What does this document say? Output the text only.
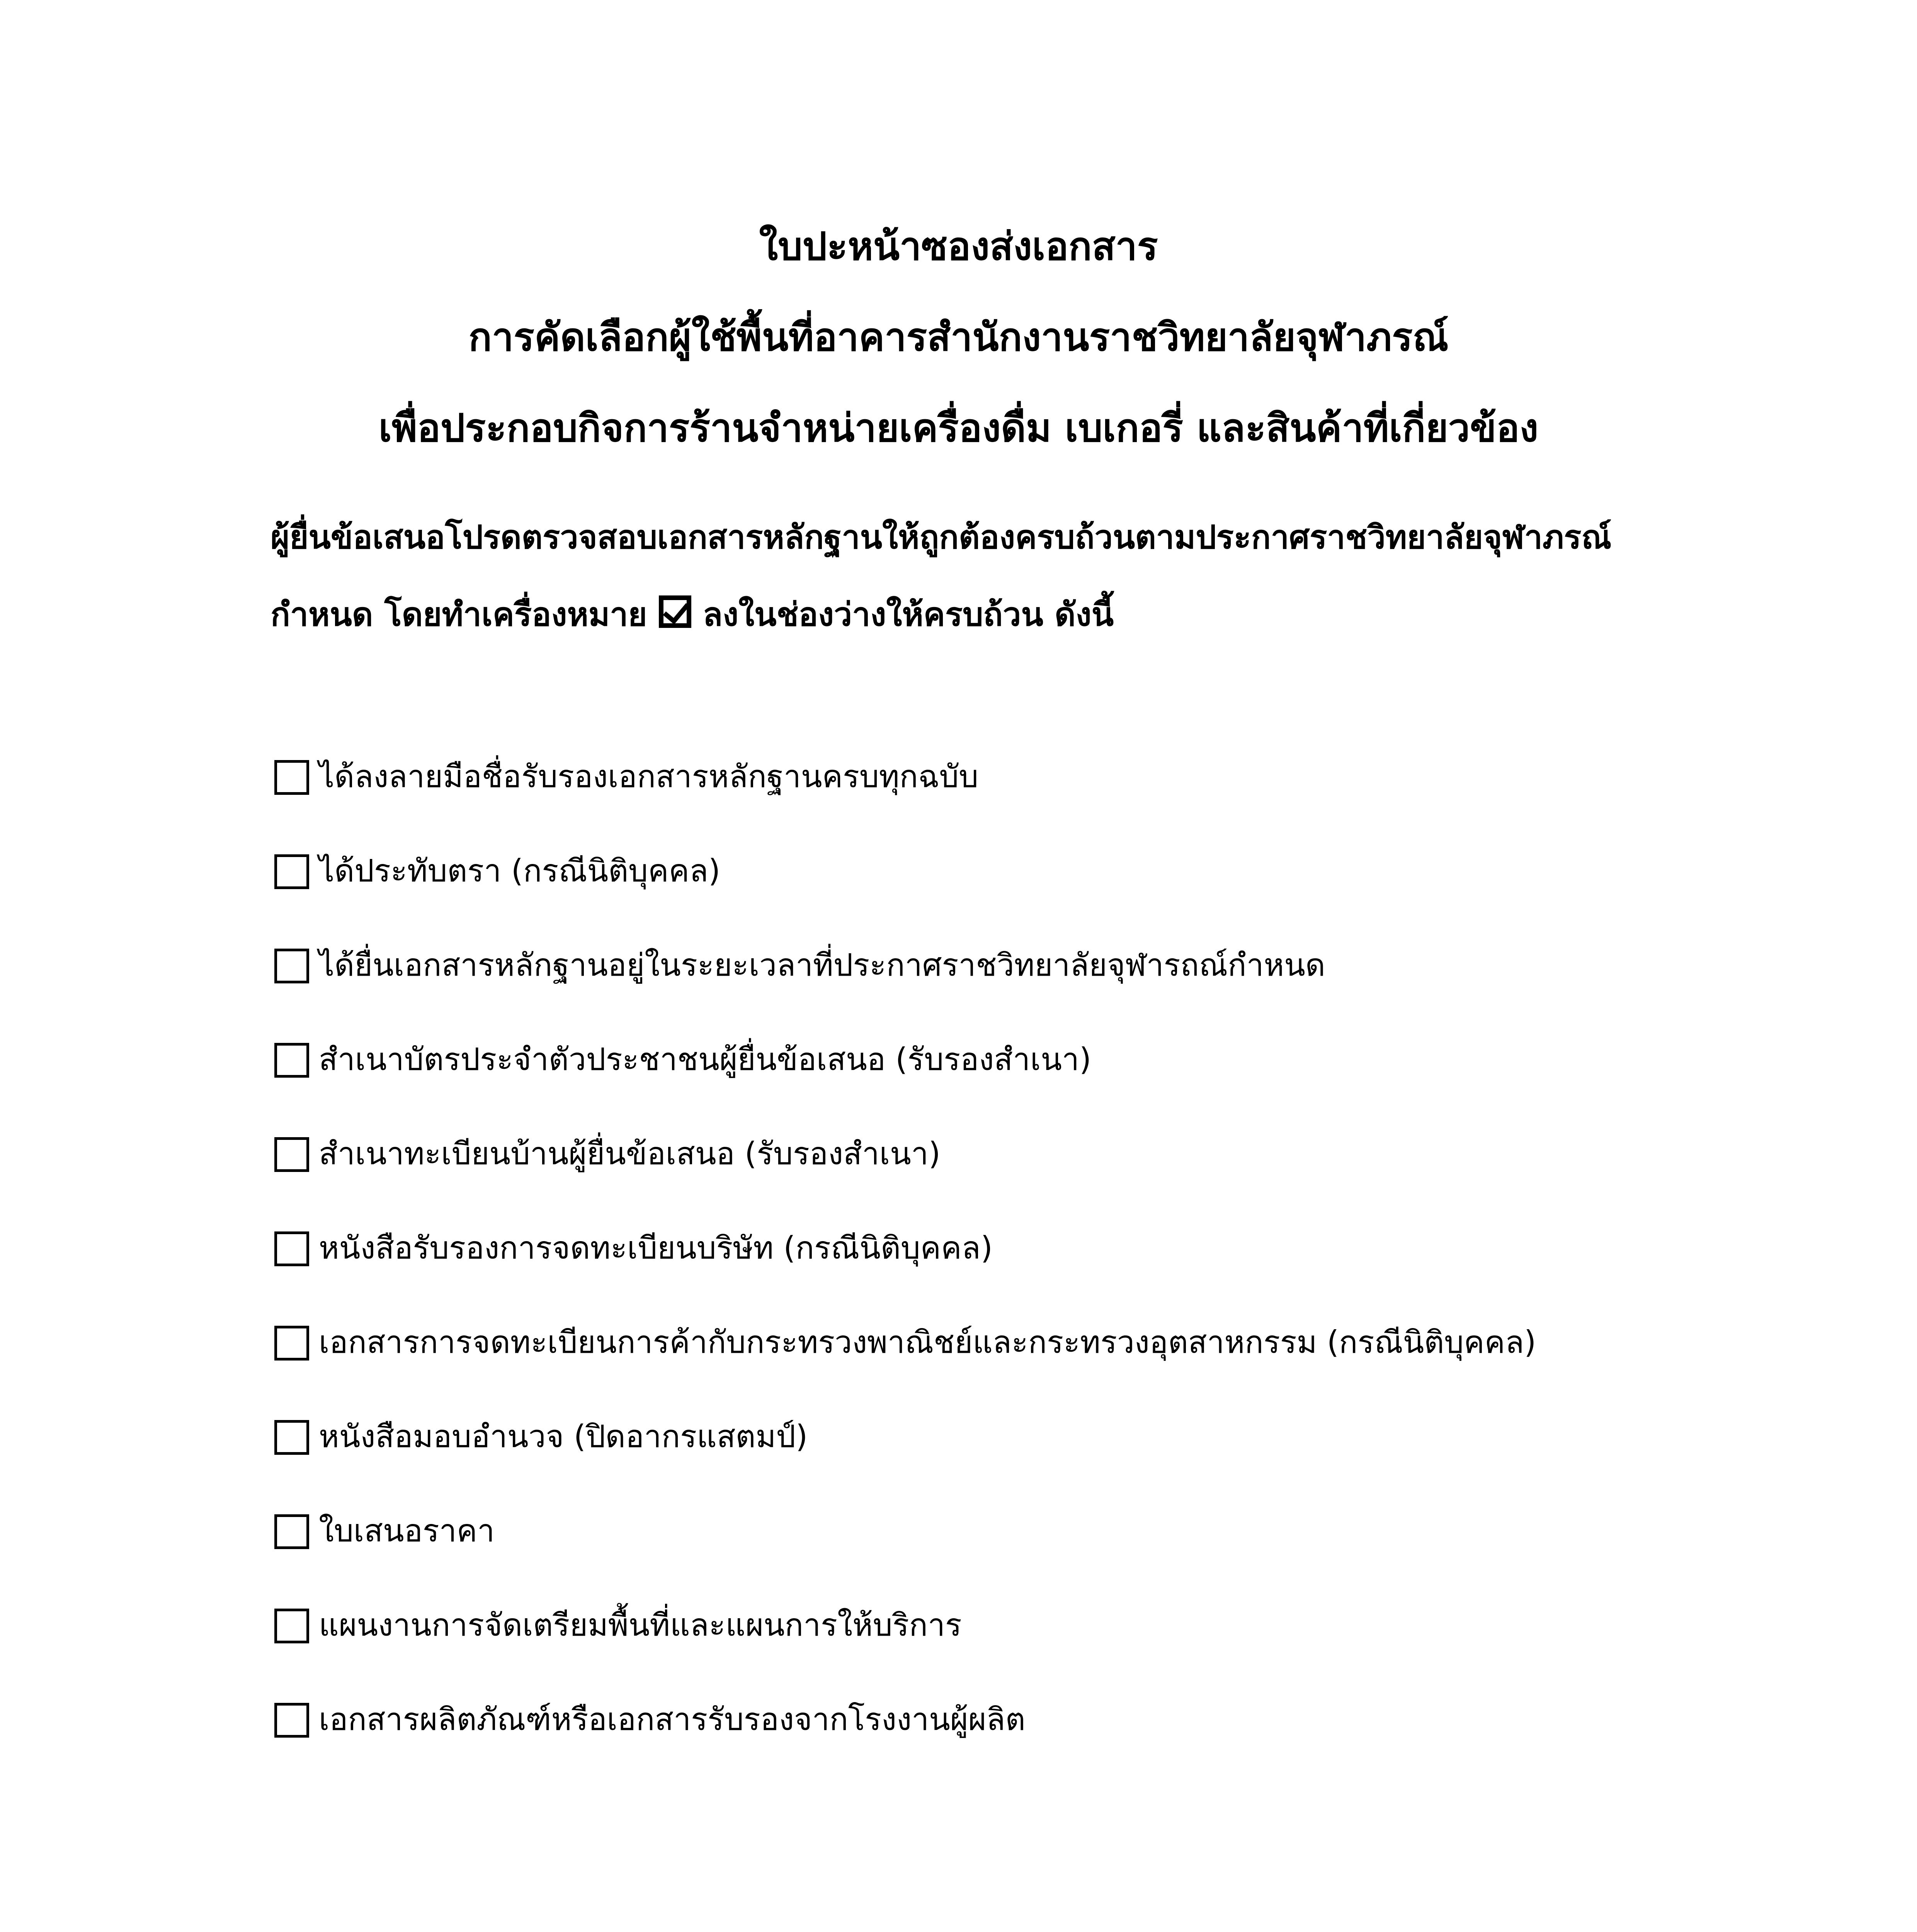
ใบปะหน้าซองส่งเอกสาร
การคัดเลือกผู้ใช้พื้นที่อาคารสำนักงานราชวิทยาลัยจุฬาภรณ์
เพื่อประกอบกิจการร้านจำหน่ายเครื่องดื่ม เบเกอรี่ และสินค้าที่เกี่ยวข้อง
ผู้ยื่นข้อเสนอโปรดตรวจสอบเอกสารหลักฐานให้ถูกต้องครบถ้วนตามประกาศราชวิทยาลัยจุฬาภรณ์
กำหนด โดยทำเครื่องหมาย ลงในช่องว่างให้ครบถ้วน ดังนี้
ได้ลงลายมือชื่อรับรองเอกสารหลักฐานครบทุกฉบับ
ได้ประทับตรา (กรณีนิติบุคคล)
ได้ยื่นเอกสารหลักฐานอยู่ในระยะเวลาที่ประกาศราชวิทยาลัยจุฬารถณ์กำหนด
สำเนาบัตรประจำตัวประชาชนผู้ยื่นข้อเสนอ (รับรองสำเนา)
สำเนาทะเบียนบ้านผู้ยื่นข้อเสนอ (รับรองสำเนา)
หนังสือรับรองการจดทะเบียนบริษัท (กรณีนิติบุคคล)
เอกสารการจดทะเบียนการค้ากับกระทรวงพาณิชย์และกระทรวงอุตสาหกรรม (กรณีนิติบุคคล)
หนังสือมอบอำนวจ (ปิดอากรแสตมป์)
ใบเสนอราคา
แผนงานการจัดเตรียมพื้นที่และแผนการให้บริการ
เอกสารผลิตภัณฑ์หรือเอกสารรับรองจากโรงงานผู้ผลิต
